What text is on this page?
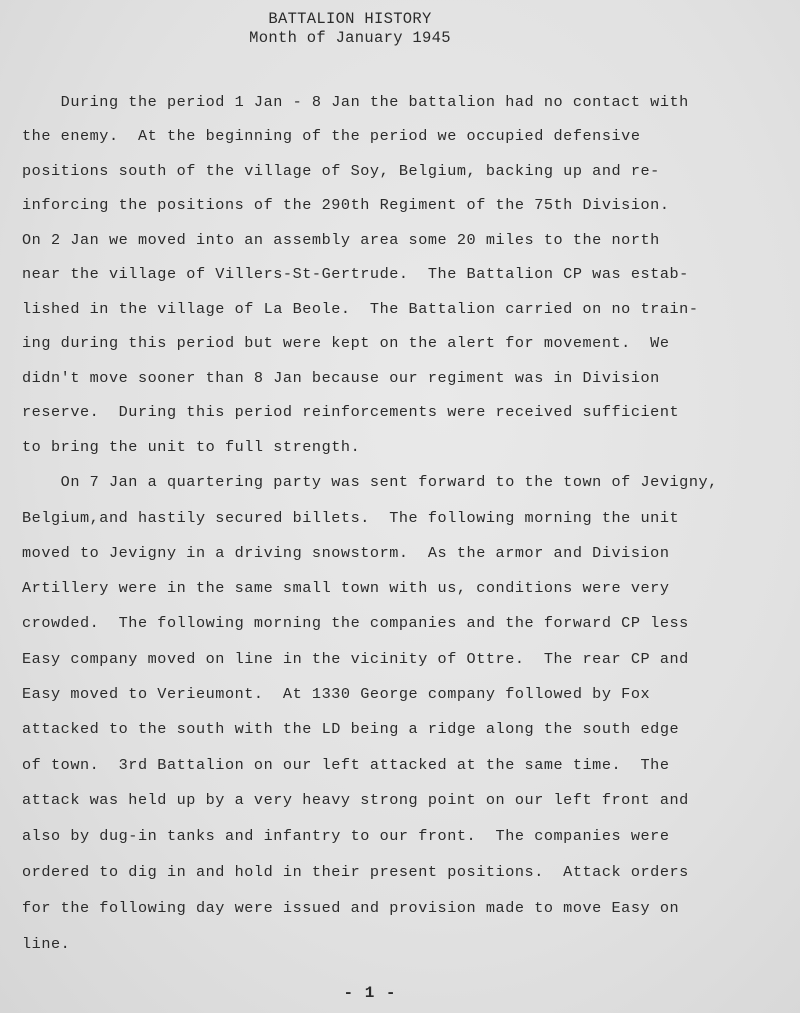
BATTALION HISTORY
Month of January 1945
During the period 1 Jan - 8 Jan the battalion had no contact with
the enemy.  At the beginning of the period we occupied defensive
positions south of the village of Soy, Belgium, backing up and re-
inforcing the positions of the 290th Regiment of the 75th Division.
On 2 Jan we moved into an assembly area some 20 miles to the north
near the village of Villers-St-Gertrude.  The Battalion CP was estab-
lished in the village of La Beole.  The Battalion carried on no train-
ing during this period but were kept on the alert for movement.  We
didn't move sooner than 8 Jan because our regiment was in Division
reserve.  During this period reinforcements were received sufficient
to bring the unit to full strength.
On 7 Jan a quartering party was sent forward to the town of Jevigny,
Belgium,and hastily secured billets.  The following morning the unit
moved to Jevigny in a driving snowstorm.  As the armor and Division
Artillery were in the same small town with us, conditions were very
crowded.  The following morning the companies and the forward CP less
Easy company moved on line in the vicinity of Ottre.  The rear CP and
Easy moved to Verieumont.  At 1330 George company followed by Fox
attacked to the south with the LD being a ridge along the south edge
of town.  3rd Battalion on our left attacked at the same time.  The
attack was held up by a very heavy strong point on our left front and
also by dug-in tanks and infantry to our front.  The companies were
ordered to dig in and hold in their present positions.  Attack orders
for the following day were issued and provision made to move Easy on
line.
- 1 -
